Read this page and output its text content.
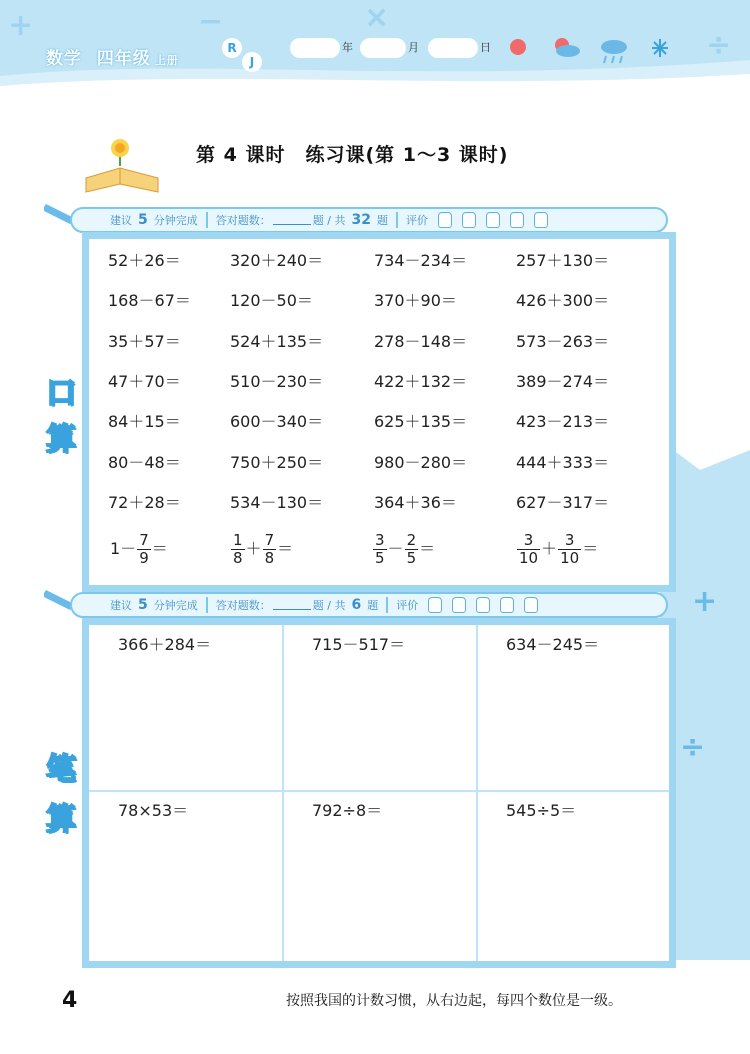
+	−	×
÷
数学 四年级 上册
R
J
年	月	日
第 4 课时　练习课(第 1～3 课时)
+
÷
建议 5 分钟完成 答对题数：	题 / 共 32 题 评价
口
算
52＋26＝	320＋240＝	734－234＝	257＋130＝
168－67＝ 120－50＝	370＋90＝	426＋300＝
35＋57＝	524＋135＝	278－148＝	573－263＝
47＋70＝	510－230＝	422＋132＝	389－274＝
84＋15＝	600－340＝	625＋135＝	423－213＝
80－48＝	750＋250＝	980－280＝	444＋333＝
72＋28＝	534－130＝	364＋36＝	627－317＝
$1- \frac{7}{9}$ ＝	$\frac{1}{8} + \frac{7}{8}$ ＝	$\frac{3}{5} - \frac{2}{5}$ ＝	$\frac{3}{10} + \frac{3}{10}$ ＝
建议 5 分钟完成 答对题数：	题 / 共 6 题 评价
笔
算
366＋284＝	715－517＝	634－245＝
78×53＝	792÷8＝	545÷5＝
4	按照我国的计数习惯，从右边起，每四个数位是一级。
